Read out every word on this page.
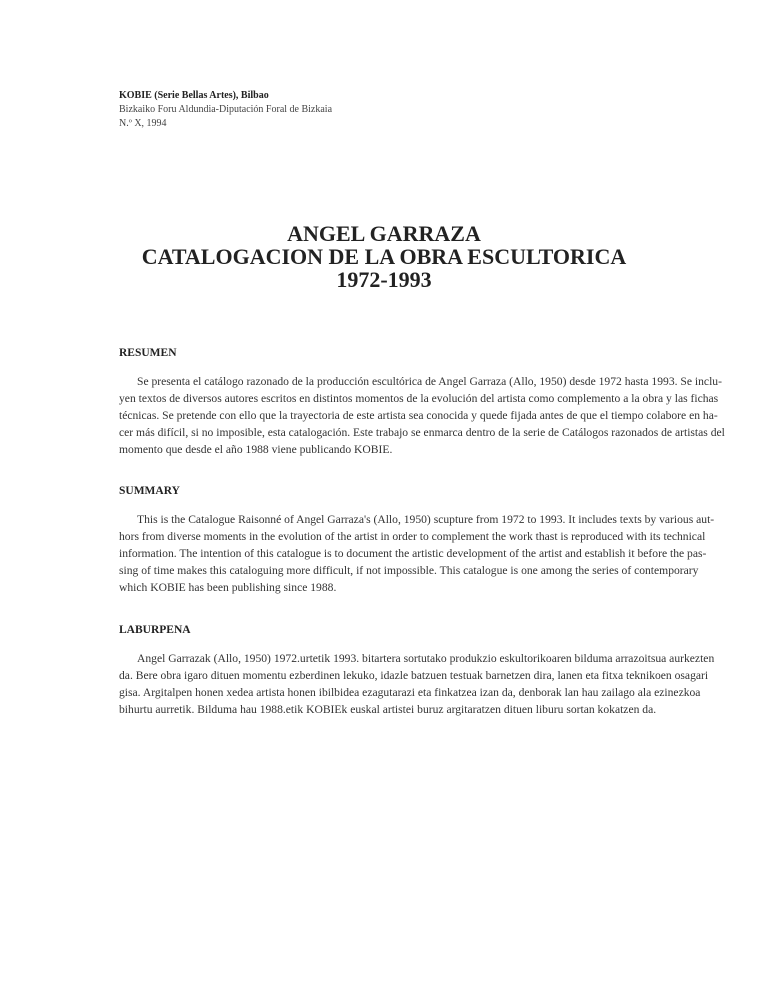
KOBIE (Serie Bellas Artes), Bilbao
Bizkaiko Foru Aldundia-Diputación Foral de Bizkaia
N.º X, 1994
ANGEL GARRAZA
CATALOGACION DE LA OBRA ESCULTORICA
1972-1993
RESUMEN
Se presenta el catálogo razonado de la producción escultórica de Angel Garraza (Allo, 1950) desde 1972 hasta 1993. Se inclu-
yen textos de diversos autores escritos en distintos momentos de la evolución del artista como complemento a la obra y las fichas
técnicas. Se pretende con ello que la trayectoria de este artista sea conocida y quede fijada antes de que el tiempo colabore en ha-
cer más difícil, si no imposible, esta catalogación. Este trabajo se enmarca dentro de la serie de Catálogos razonados de artistas del
momento que desde el año 1988 viene publicando KOBIE.
SUMMARY
This is the Catalogue Raisonné of Angel Garraza's (Allo, 1950) scupture from 1972 to 1993. It includes texts by various aut-
hors from diverse moments in the evolution of the artist in order to complement the work thast is reproduced with its technical
information. The intention of this catalogue is to document the artistic development of the artist and establish it before the pas-
sing of time makes this cataloguing more difficult, if not impossible. This catalogue is one among the series of contemporary
which KOBIE has been publishing since 1988.
LABURPENA
Angel Garrazak (Allo, 1950) 1972.urtetik 1993. bitartera sortutako produkzio eskultorikoaren bilduma arrazoitsua aurkezten
da. Bere obra igaro dituen momentu ezberdinen lekuko, idazle batzuen testuak barnetzen dira, lanen eta fitxa teknikoen osagari
gisa. Argitalpen honen xedea artista honen ibilbidea ezagutarazi eta finkatzea izan da, denborak lan hau zailago ala ezinezkoa
bihurtu aurretik. Bilduma hau 1988.etik KOBIEk euskal artistei buruz argitaratzen dituen liburu sortan kokatzen da.
